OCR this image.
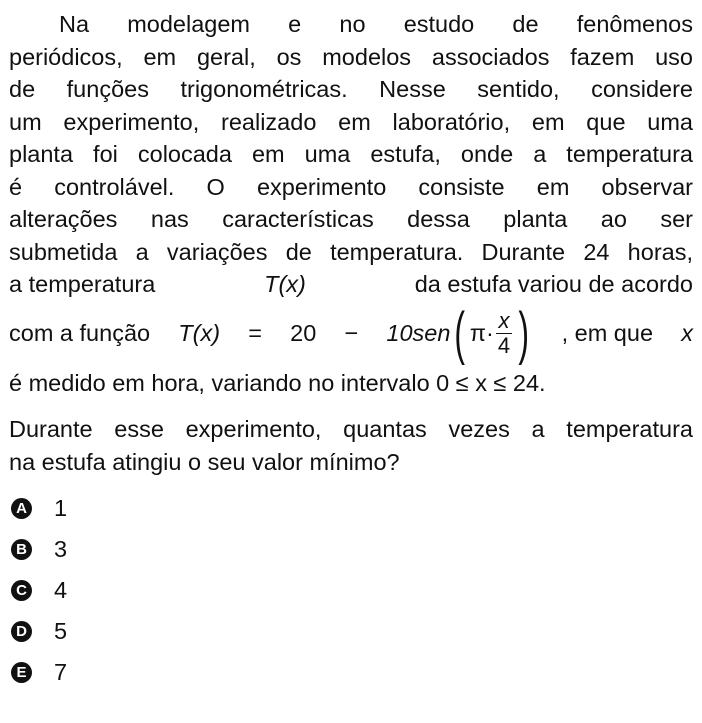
Na modelagem e no estudo de fenômenos
periódicos, em geral, os modelos associados fazem uso
de funções trigonométricas. Nesse sentido, considere
um experimento, realizado em laboratório, em que uma
planta foi colocada em uma estufa, onde a temperatura
é controlável. O experimento consiste em observar
alterações nas características dessa planta ao ser
submetida a variações de temperatura. Durante 24 horas,
a temperatura	T(x)	da estufa variou de acordo
com a função T(x) = 20 − 10sen ( $\pi\cdot \frac{x}{4}$ ) , em que x

é medido em hora, variando no intervalo 0 ≤ x ≤ 24.

Durante esse experimento, quantas vezes a temperatura
na estufa atingiu o seu valor mínimo?
A 1
B 3
C 4
D 5
E 7
